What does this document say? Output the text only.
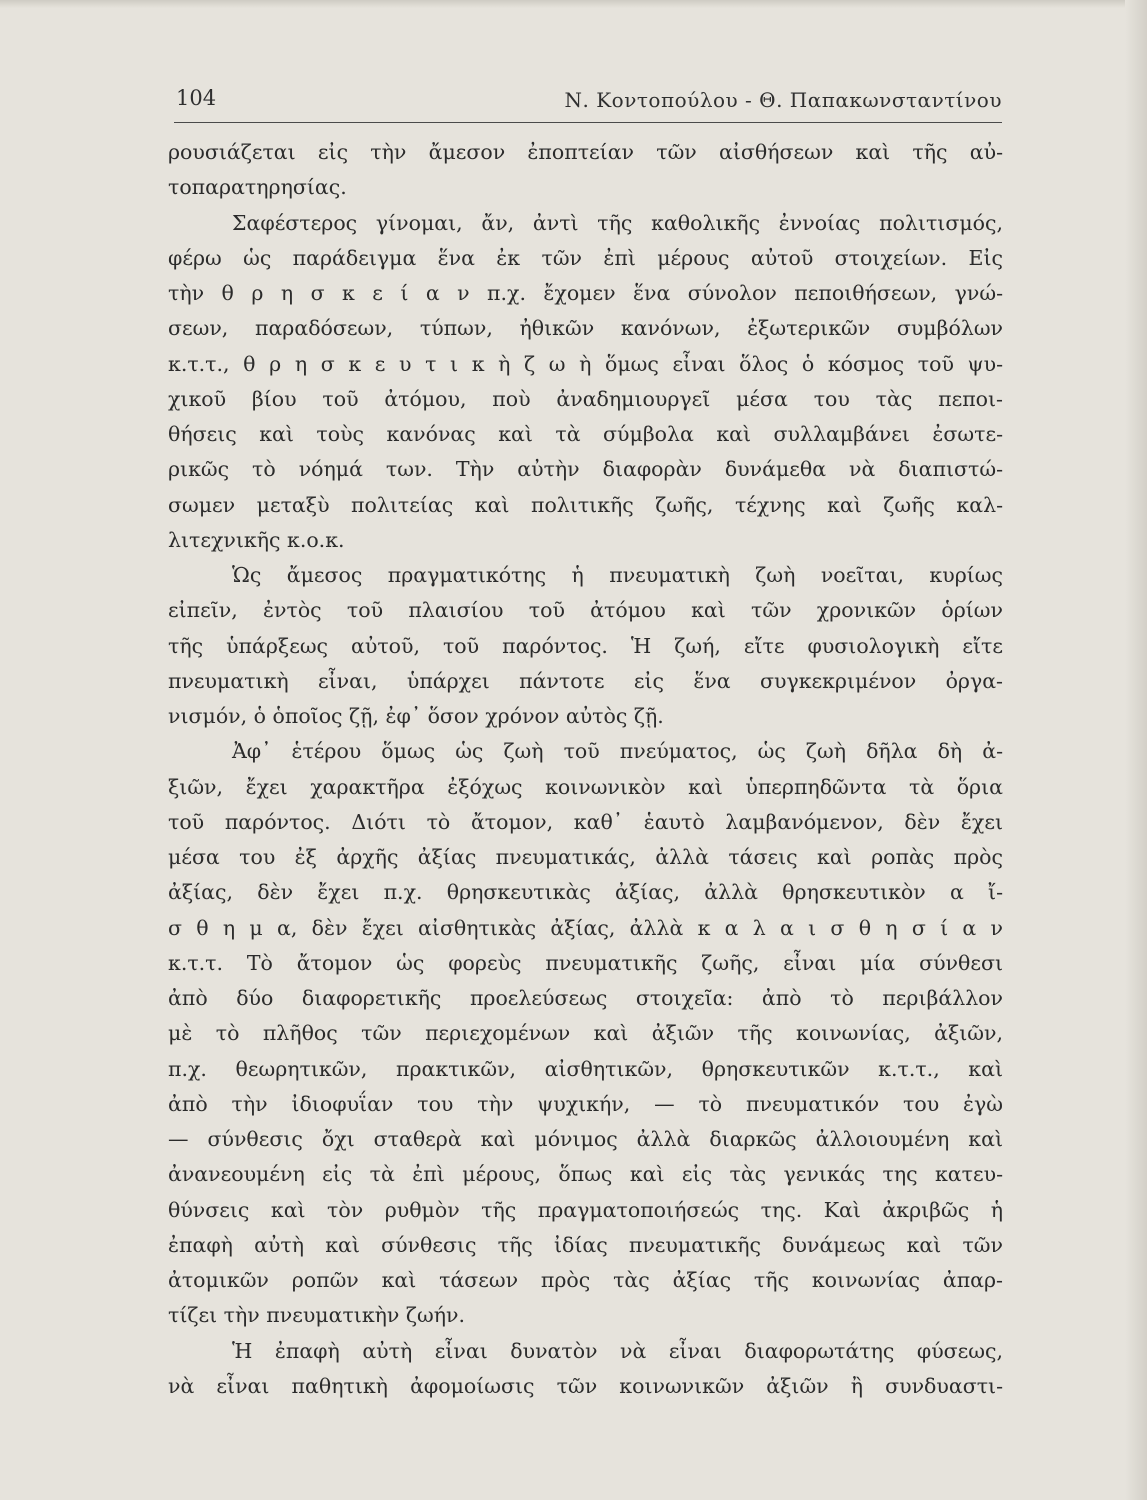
104	Ν. Κοντοπούλου - Θ. Παπακωνσταντίνου
ρουσιάζεται εἰς τὴν ἄμεσον ἐποπτείαν τῶν αἰσθήσεων καὶ τῆς αὐ-
τοπαρατηρησίας.
Σαφέστερος γίνομαι, ἄν, ἀντὶ τῆς καθολικῆς ἐννοίας πολιτισμός,
φέρω ὡς παράδειγμα ἕνα ἐκ τῶν ἐπὶ μέρους αὐτοῦ στοιχείων. Εἰς
τὴν θ ρ η σ κ ε ί α ν π.χ. ἔχομεν ἕνα σύνολον πεποιθήσεων, γνώ-
σεων, παραδόσεων, τύπων, ἠθικῶν κανόνων, ἐξωτερικῶν συμβόλων
κ.τ.τ., θ ρ η σ κ ε υ τ ι κ ὴ ζ ω ὴ ὅμως εἶναι ὅλος ὁ κόσμος τοῦ ψυ-
χικοῦ βίου τοῦ ἀτόμου, ποὺ ἀναδημιουργεῖ μέσα του τὰς πεποι-
θήσεις καὶ τοὺς κανόνας καὶ τὰ σύμβολα καὶ συλλαμβάνει ἐσωτε-
ρικῶς τὸ νόημά των. Τὴν αὐτὴν διαφορὰν δυνάμεθα νὰ διαπιστώ-
σωμεν μεταξὺ πολιτείας καὶ πολιτικῆς ζωῆς, τέχνης καὶ ζωῆς καλ-
λιτεχνικῆς κ.ο.κ.
Ὡς ἄμεσος πραγματικότης ἡ πνευματικὴ ζωὴ νοεῖται, κυρίως
εἰπεῖν, ἐντὸς τοῦ πλαισίου τοῦ ἀτόμου καὶ τῶν χρονικῶν ὁρίων
τῆς ὑπάρξεως αὐτοῦ, τοῦ παρόντος. Ἡ ζωή, εἴτε φυσιολογικὴ εἴτε
πνευματικὴ εἶναι, ὑπάρχει πάντοτε εἰς ἕνα συγκεκριμένον ὀργα-
νισμόν, ὁ ὁποῖος ζῇ, ἐφ᾽ ὅσον χρόνον αὐτὸς ζῇ.
Ἀφ᾽ ἑτέρου ὅμως ὡς ζωὴ τοῦ πνεύματος, ὡς ζωὴ δῆλα δὴ ἀ-
ξιῶν, ἔχει χαρακτῆρα ἐξόχως κοινωνικὸν καὶ ὑπερπηδῶντα τὰ ὅρια
τοῦ παρόντος. Διότι τὸ ἄτομον, καθ᾽ ἑαυτὸ λαμβανόμενον, δὲν ἔχει
μέσα του ἐξ ἀρχῆς ἀξίας πνευματικάς, ἀλλὰ τάσεις καὶ ροπὰς πρὸς
ἀξίας, δὲν ἔχει π.χ. θρησκευτικὰς ἀξίας, ἀλλὰ θρησκευτικὸν α ἴ-
σ θ η μ α, δὲν ἔχει αἰσθητικὰς ἀξίας, ἀλλὰ κ α λ α ι σ θ η σ ί α ν
κ.τ.τ. Τὸ ἄτομον ὡς φορεὺς πνευματικῆς ζωῆς, εἶναι μία σύνθεσι
ἀπὸ δύο διαφορετικῆς προελεύσεως στοιχεῖα: ἀπὸ τὸ περιβάλλον
μὲ τὸ πλῆθος τῶν περιεχομένων καὶ ἀξιῶν τῆς κοινωνίας, ἀξιῶν,
π.χ. θεωρητικῶν, πρακτικῶν, αἰσθητικῶν, θρησκευτικῶν κ.τ.τ., καὶ
ἀπὸ τὴν ἰδιοφυΐαν του τὴν ψυχικήν, — τὸ πνευματικόν του ἐγὼ
— σύνθεσις ὄχι σταθερὰ καὶ μόνιμος ἀλλὰ διαρκῶς ἀλλοιουμένη καὶ
ἀνανεουμένη εἰς τὰ ἐπὶ μέρους, ὅπως καὶ εἰς τὰς γενικάς της κατευ-
θύνσεις καὶ τὸν ρυθμὸν τῆς πραγματοποιήσεώς της. Καὶ ἀκριβῶς ἡ
ἐπαφὴ αὐτὴ καὶ σύνθεσις τῆς ἰδίας πνευματικῆς δυνάμεως καὶ τῶν
ἀτομικῶν ροπῶν καὶ τάσεων πρὸς τὰς ἀξίας τῆς κοινωνίας ἀπαρ-
τίζει τὴν πνευματικὴν ζωήν.
Ἡ ἐπαφὴ αὐτὴ εἶναι δυνατὸν νὰ εἶναι διαφορωτάτης φύσεως,
νὰ εἶναι παθητικὴ ἀφομοίωσις τῶν κοινωνικῶν ἀξιῶν ἢ συνδυαστι-
